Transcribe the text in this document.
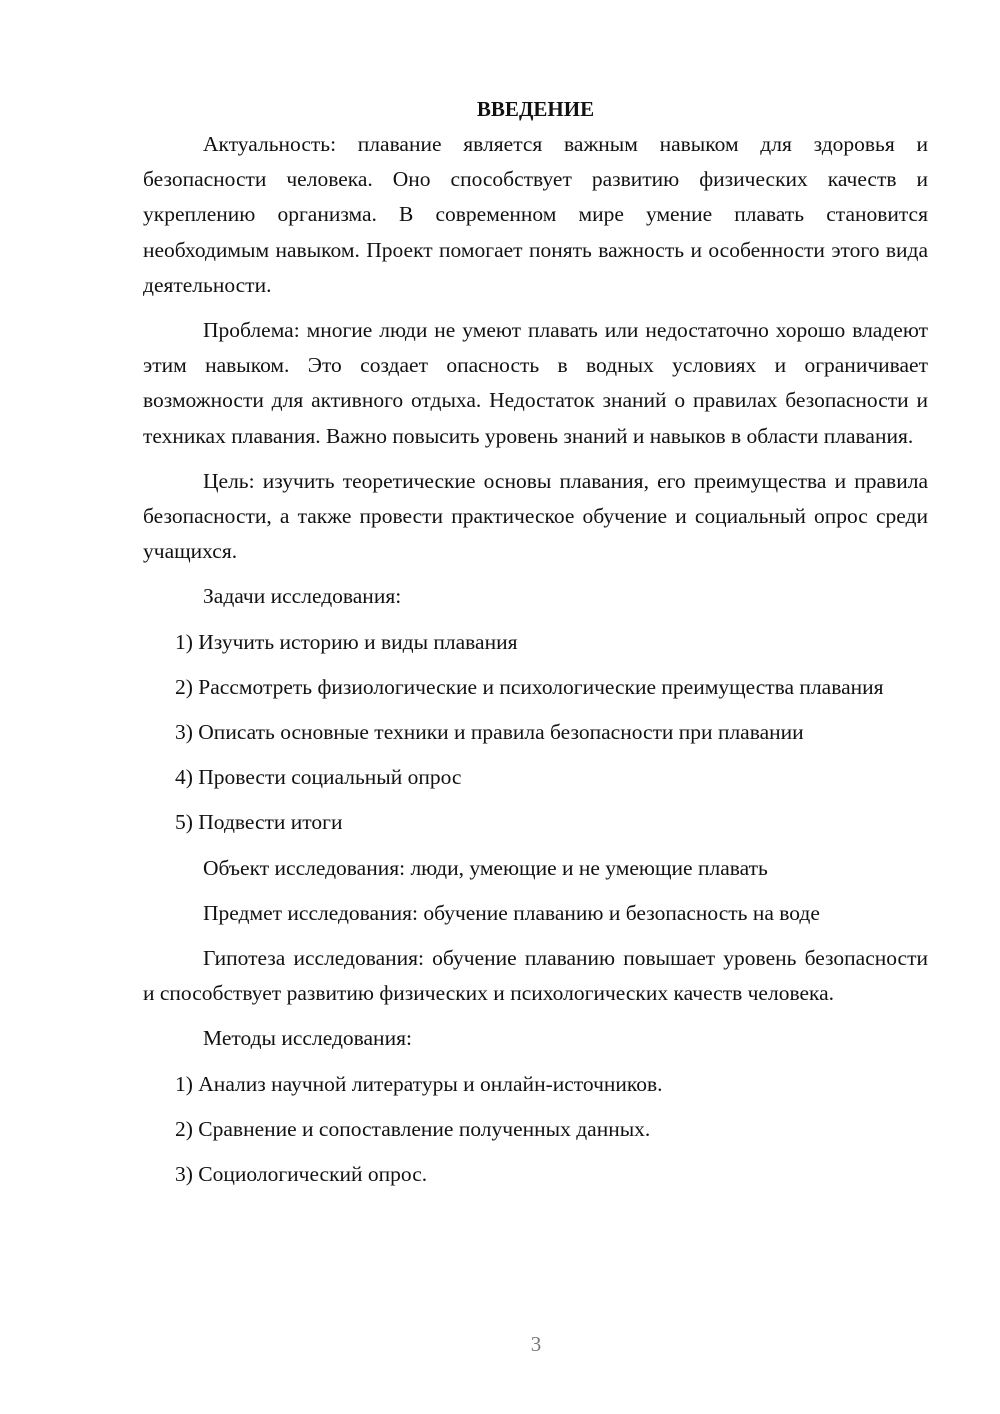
ВВЕДЕНИЕ

Актуальность: плавание является важным навыком для здоровья и безопасности человека. Оно способствует развитию физических качеств и укреплению организма. В современном мире умение плавать становится необходимым навыком. Проект помогает понять важность и особенности этого вида деятельности.

Проблема: многие люди не умеют плавать или недостаточно хорошо владеют этим навыком. Это создает опасность в водных условиях и ограничивает возможности для активного отдыха. Недостаток знаний о правилах безопасности и техниках плавания. Важно повысить уровень знаний и навыков в области плавания.

Цель: изучить теоретические основы плавания, его преимущества и правила безопасности, а также провести практическое обучение и социальный опрос среди учащихся.

Задачи исследования:

1) Изучить историю и виды плавания

2) Рассмотреть физиологические и психологические преимущества плавания

3) Описать основные техники и правила безопасности при плавании

4) Провести социальный опрос

5) Подвести итоги

Объект исследования: люди, умеющие и не умеющие плавать

Предмет исследования: обучение плаванию и безопасность на воде

Гипотеза исследования: обучение плаванию повышает уровень безопасности и способствует развитию физических и психологических качеств человека.

Методы исследования:

1) Анализ научной литературы и онлайн-источников.

2) Сравнение и сопоставление полученных данных.

3) Социологический опрос.

3
